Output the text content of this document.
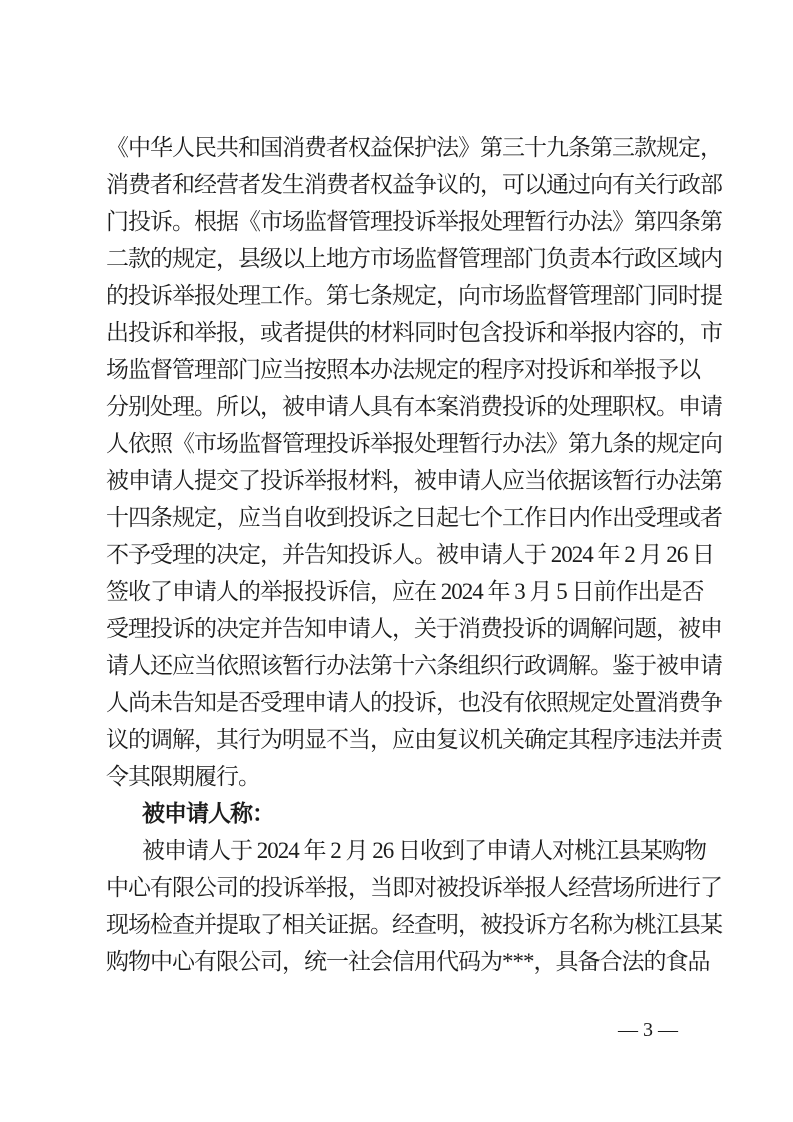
《中华人民共和国消费者权益保护法》第三十九条第三款规定，
消费者和经营者发生消费者权益争议的，可以通过向有关行政部
门投诉。根据《市场监督管理投诉举报处理暂行办法》第四条第
二款的规定，县级以上地方市场监督管理部门负责本行政区域内
的投诉举报处理工作。第七条规定，向市场监督管理部门同时提
出投诉和举报，或者提供的材料同时包含投诉和举报内容的，市
场监督管理部门应当按照本办法规定的程序对投诉和举报予以
分别处理。所以，被申请人具有本案消费投诉的处理职权。申请
人依照《市场监督管理投诉举报处理暂行办法》第九条的规定向
被申请人提交了投诉举报材料，被申请人应当依据该暂行办法第
十四条规定，应当自收到投诉之日起七个工作日内作出受理或者
不予受理的决定，并告知投诉人。被申请人于 2024 年 2 月 26 日
签收了申请人的举报投诉信，应在 2024 年 3 月 5 日前作出是否
受理投诉的决定并告知申请人，关于消费投诉的调解问题，被申
请人还应当依照该暂行办法第十六条组织行政调解。鉴于被申请
人尚未告知是否受理申请人的投诉，也没有依照规定处置消费争
议的调解，其行为明显不当，应由复议机关确定其程序违法并责
令其限期履行。
被申请人称：
被申请人于 2024 年 2 月 26 日收到了申请人对桃江县某购物
中心有限公司的投诉举报，当即对被投诉举报人经营场所进行了
现场检查并提取了相关证据。经查明，被投诉方名称为桃江县某
购物中心有限公司，统一社会信用代码为***，具备合法的食品
— 3 —
